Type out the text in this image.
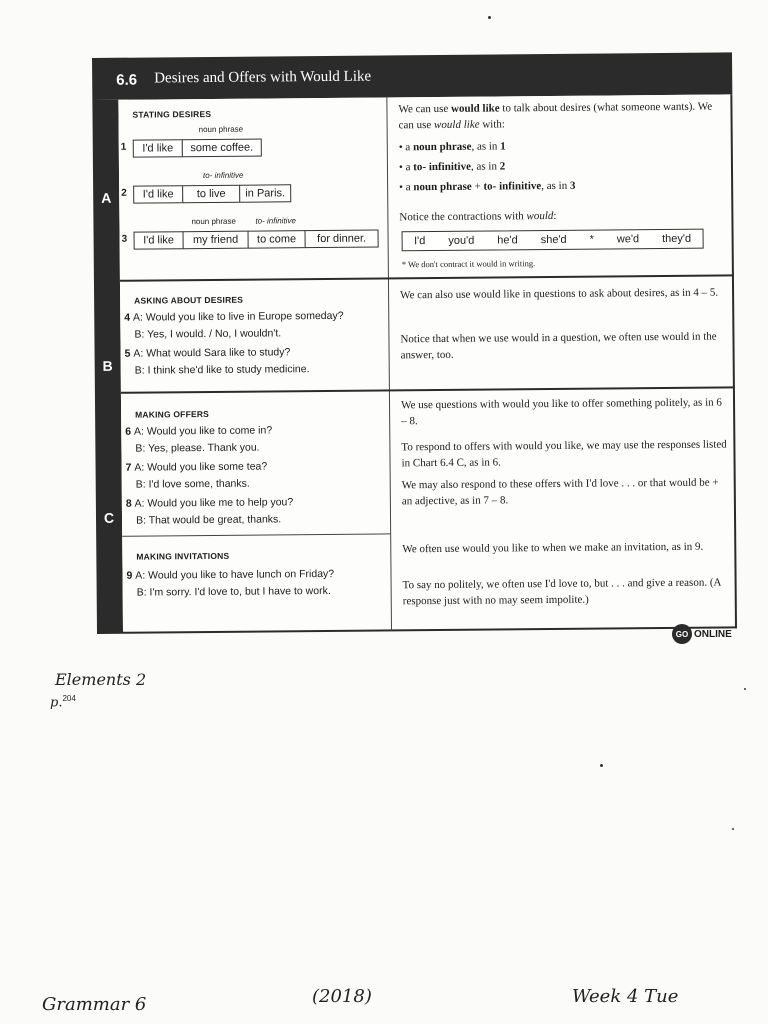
6.6 Desires and Offers with Would Like
A
B
C
STATING DESIRES
noun phrase
1	I'd like	some coffee.
to- infinitive
2	I'd like	to live	in Paris.
noun phrase to- infinitive
3	I'd like	my friend	to come	for dinner.
We can use would like to talk about desires (what someone wants). We can use would like with:
• a noun phrase, as in 1
• a to- infinitive, as in 2
• a noun phrase + to- infinitive, as in 3
Notice the contractions with would:
I'd you'd he'd she'd * we'd they'd
* We don't contract it would in writing.
ASKING ABOUT DESIRES
4 A: Would you like to live in Europe someday?
B: Yes, I would. / No, I wouldn't.
5 A: What would Sara like to study?
B: I think she'd like to study medicine.
We can also use would like in questions to ask about desires, as in 4 – 5.
Notice that when we use would in a question, we often use would in the answer, too.
MAKING OFFERS
6 A: Would you like to come in?
B: Yes, please. Thank you.
7 A: Would you like some tea?
B: I'd love some, thanks.
8 A: Would you like me to help you?
B: That would be great, thanks.
We use questions with would you like to offer something politely, as in 6 – 8.
To respond to offers with would you like, we may use the responses listed in Chart 6.4 C, as in 6.
We may also respond to these offers with I'd love . . . or that would be + an adjective, as in 7 – 8.
MAKING INVITATIONS
9 A: Would you like to have lunch on Friday?
B: I'm sorry. I'd love to, but I have to work.
We often use would you like to when we make an invitation, as in 9.
To say no politely, we often use I'd love to, but . . . and give a reason. (A response just with no may seem impolite.)
GO ONLINE
Elements 2
p.$^{204}$
Grammar 6	(2018)	Week 4 Tue
